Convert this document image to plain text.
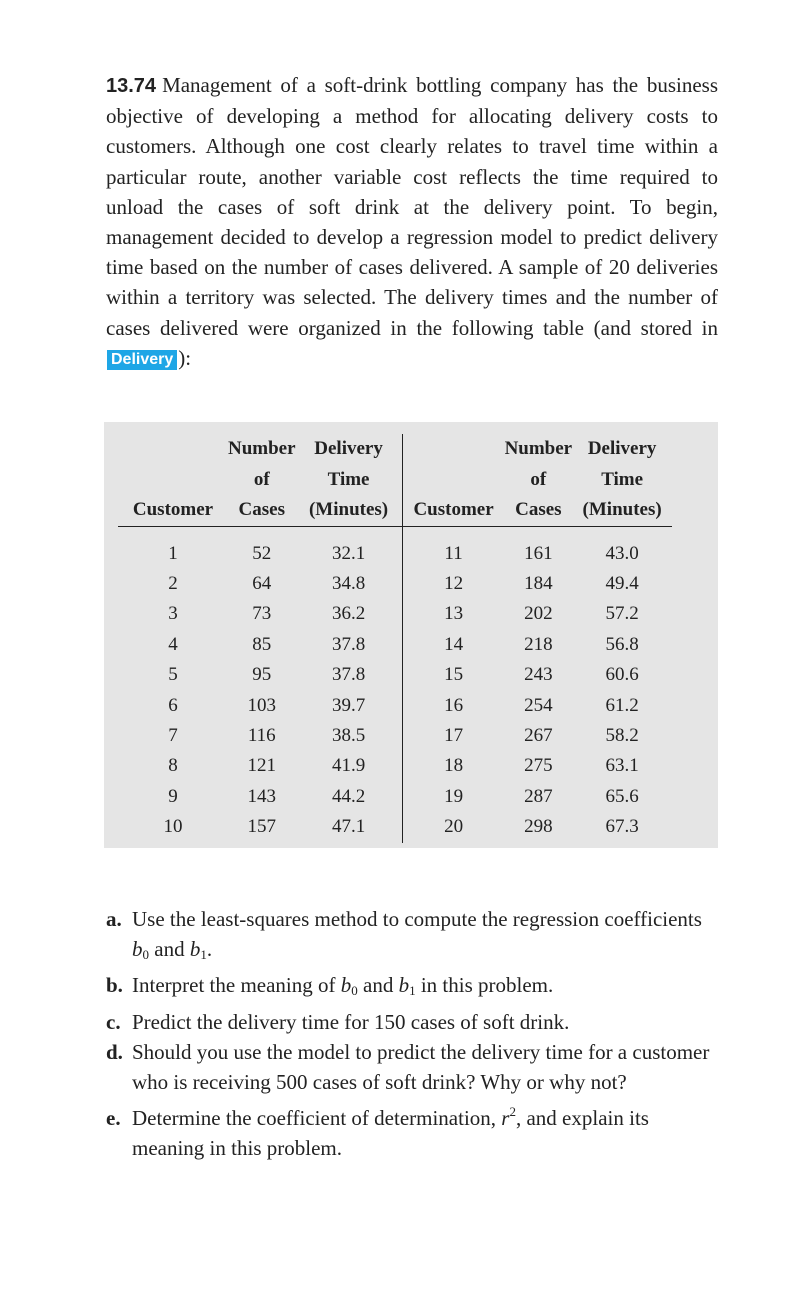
13.74 Management of a soft-drink bottling company has the business objective of developing a method for allocating delivery costs to customers. Although one cost clearly relates to travel time within a particular route, another variable cost reflects the time required to unload the cases of soft drink at the delivery point. To begin, management decided to develop a regression model to predict delivery time based on the number of cases delivered. A sample of 20 deliveries within a territory was selected. The delivery times and the number of cases delivered were organized in the following table (and stored in Delivery ):
	Number	Delivery		Number	Delivery
	of	Time		of	Time
Customer	Cases	(Minutes)	Customer	Cases	(Minutes)
1	52	32.1	11	161	43.0
2	64	34.8	12	184	49.4
3	73	36.2	13	202	57.2
4	85	37.8	14	218	56.8
5	95	37.8	15	243	60.6
6	103	39.7	16	254	61.2
7	116	38.5	17	267	58.2
8	121	41.9	18	275	63.1
9	143	44.2	19	287	65.6
10	157	47.1	20	298	67.3
a. Use the least-squares method to compute the regression coefficients $b_0$ and $b_1$.
b. Interpret the meaning of $b_0$ and $b_1$ in this problem.
c. Predict the delivery time for 150 cases of soft drink.
d. Should you use the model to predict the delivery time for a customer who is receiving 500 cases of soft drink? Why or why not?
e. Determine the coefficient of determination, $r^2$, and explain its meaning in this problem.
